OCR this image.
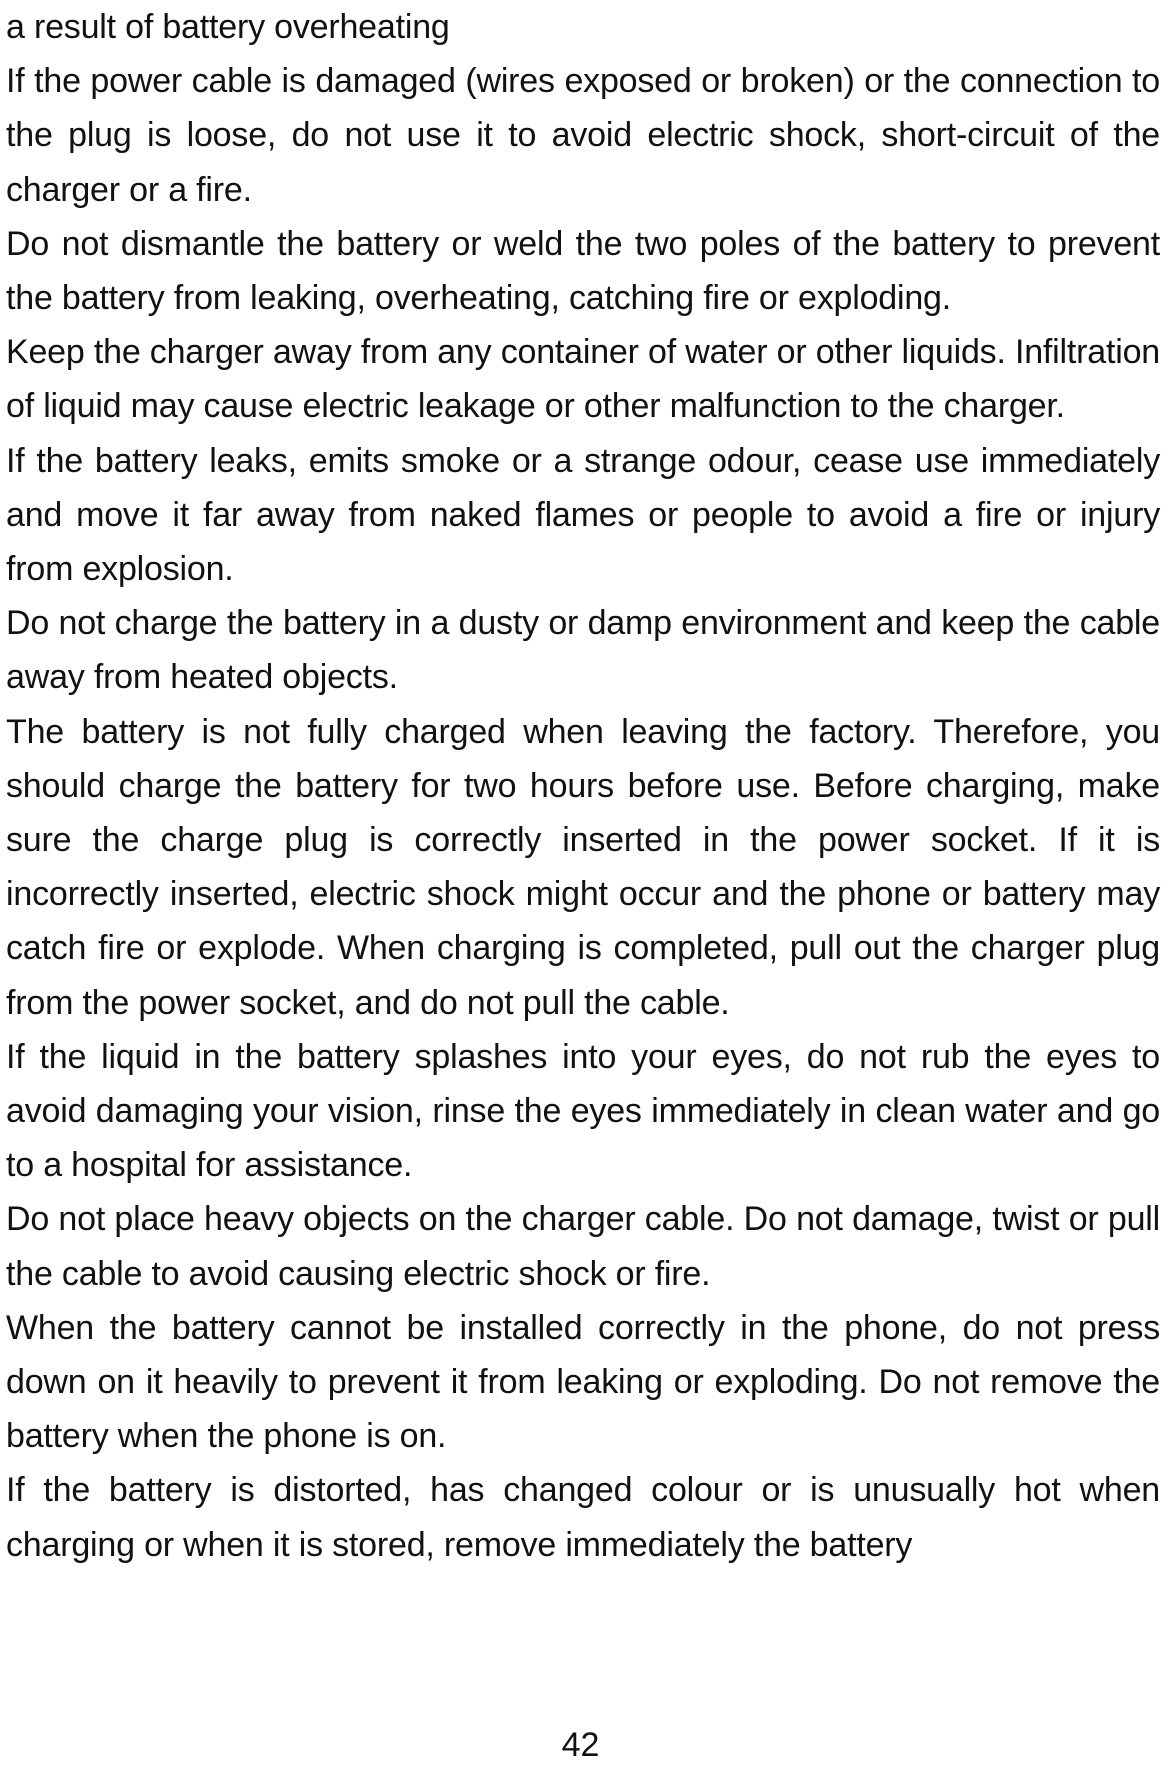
a result of battery overheating

If the power cable is damaged (wires exposed or broken) or the connection to the plug is loose, do not use it to avoid electric shock, short-circuit of the charger or a fire.

Do not dismantle the battery or weld the two poles of the battery to prevent the battery from leaking, overheating, catching fire or exploding.

Keep the charger away from any container of water or other liquids. Infiltration of liquid may cause electric leakage or other malfunction to the charger.

If the battery leaks, emits smoke or a strange odour, cease use immediately and move it far away from naked flames or people to avoid a fire or injury from explosion.

Do not charge the battery in a dusty or damp environment and keep the cable away from heated objects.

The battery is not fully charged when leaving the factory. Therefore, you should charge the battery for two hours before use. Before charging, make sure the charge plug is correctly inserted in the power socket. If it is incorrectly inserted, electric shock might occur and the phone or battery may catch fire or explode. When charging is completed, pull out the charger plug from the power socket, and do not pull the cable.

If the liquid in the battery splashes into your eyes, do not rub the eyes to avoid damaging your vision, rinse the eyes immediately in clean water and go to a hospital for assistance.

Do not place heavy objects on the charger cable. Do not damage, twist or pull the cable to avoid causing electric shock or fire.

When the battery cannot be installed correctly in the phone, do not press down on it heavily to prevent it from leaking or exploding. Do not remove the battery when the phone is on.

If the battery is distorted, has changed colour or is unusually hot when charging or when it is stored, remove immediately the battery

42
